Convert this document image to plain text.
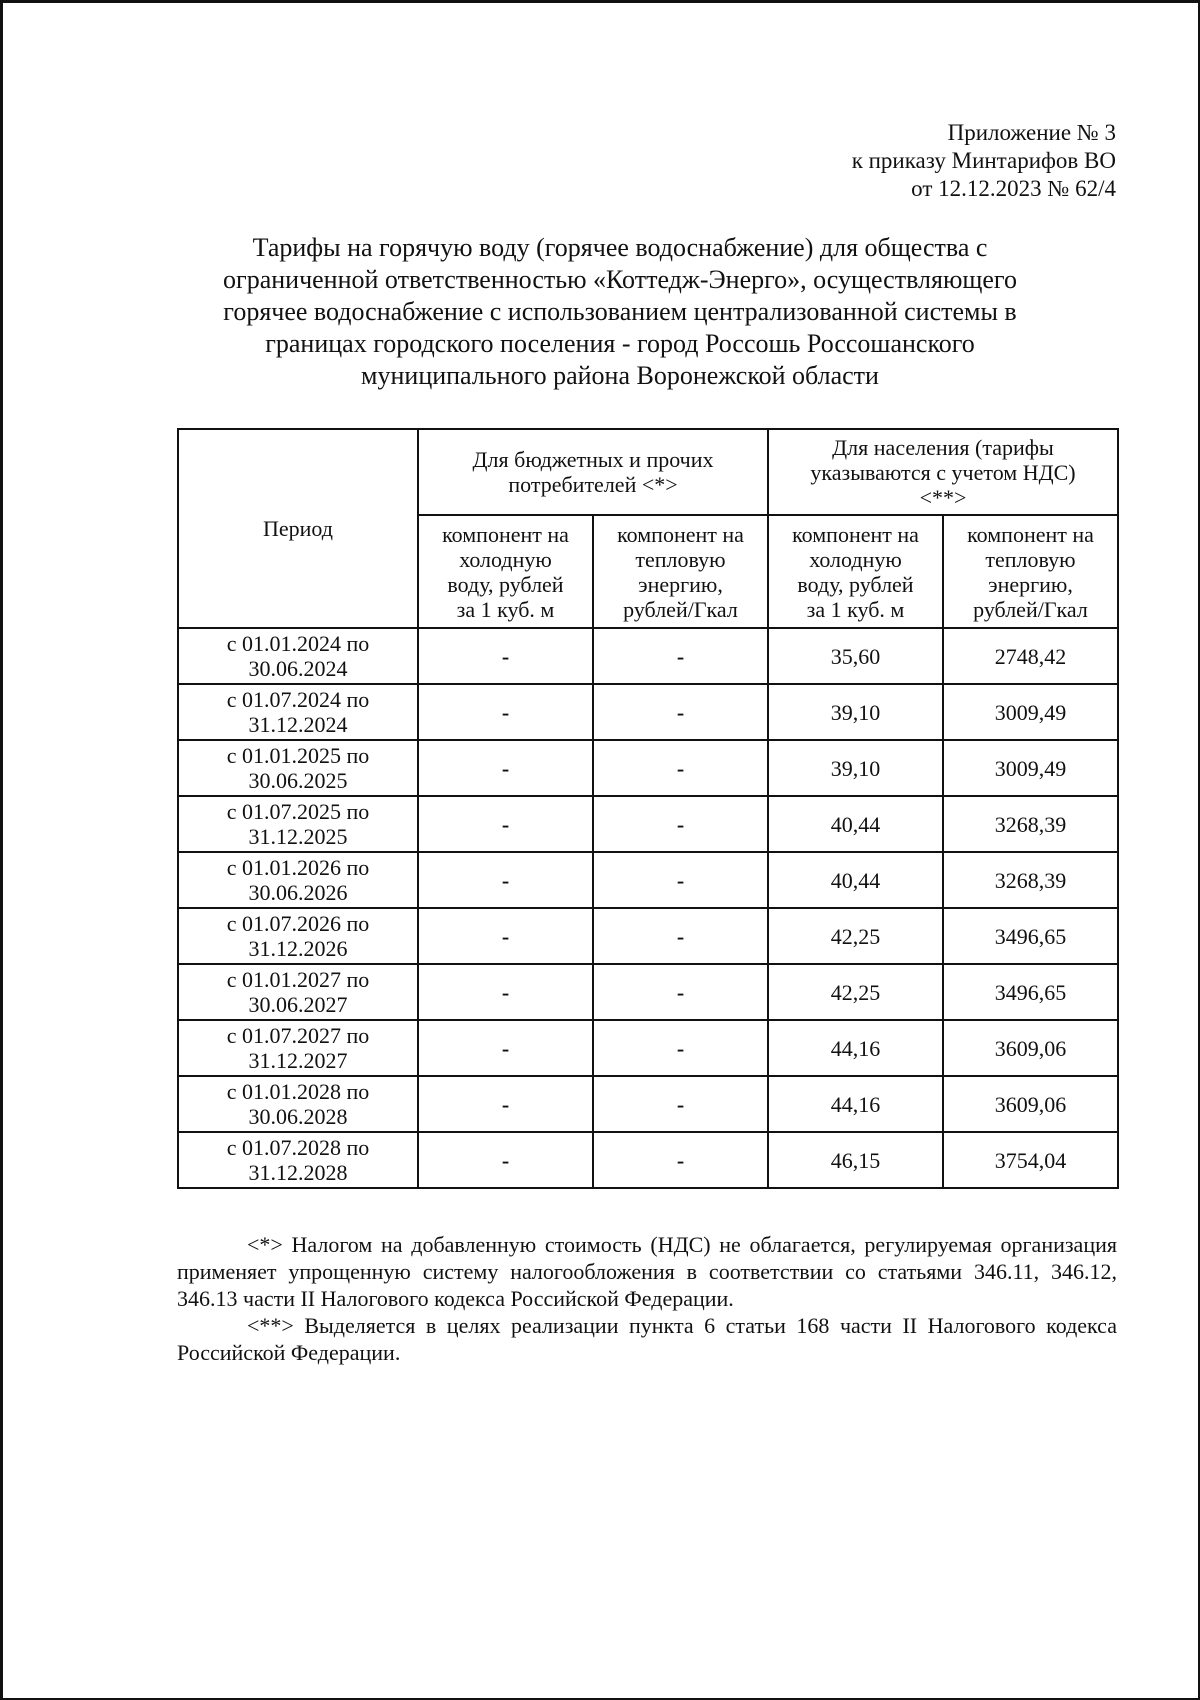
Приложение № 3
к приказу Минтарифов ВО
от 12.12.2023 № 62/4
Тарифы на горячую воду (горячее водоснабжение) для общества с
ограниченной ответственностью «Коттедж-Энерго», осуществляющего
горячее водоснабжение с использованием централизованной системы в
границах городского поселения - город Россошь Россошанского
муниципального района Воронежской области
Период	Для бюджетных и прочих
потребителей <*>		Для населения (тарифы
указываются с учетом НДС)
<**>	

	компонент на
холодную
воду, рублей
за 1 куб. м	компонент на
тепловую
энергию,
рублей/Гкал	компонент на
холодную
воду, рублей
за 1 куб. м	компонент на
тепловую
энергию,
рублей/Гкал

с 01.01.2024 по
30.06.2024	-	-	35,60	2748,42

с 01.07.2024 по
31.12.2024	-	-	39,10	3009,49

с 01.01.2025 по
30.06.2025	-	-	39,10	3009,49

с 01.07.2025 по
31.12.2025	-	-	40,44	3268,39

с 01.01.2026 по
30.06.2026	-	-	40,44	3268,39

с 01.07.2026 по
31.12.2026	-	-	42,25	3496,65

с 01.01.2027 по
30.06.2027	-	-	42,25	3496,65

с 01.07.2027 по
31.12.2027	-	-	44,16	3609,06

с 01.01.2028 по
30.06.2028	-	-	44,16	3609,06

с 01.07.2028 по
31.12.2028	-	-	46,15	3754,04

<*> Налогом на добавленную стоимость (НДС) не облагается, регулируемая организация применяет упрощенную систему налогообложения в соответствии со статьями 346.11, 346.12, 346.13 части II Налогового кодекса Российской Федерации.

<**> Выделяется в целях реализации пункта 6 статьи 168 части II Налогового кодекса Российской Федерации.
